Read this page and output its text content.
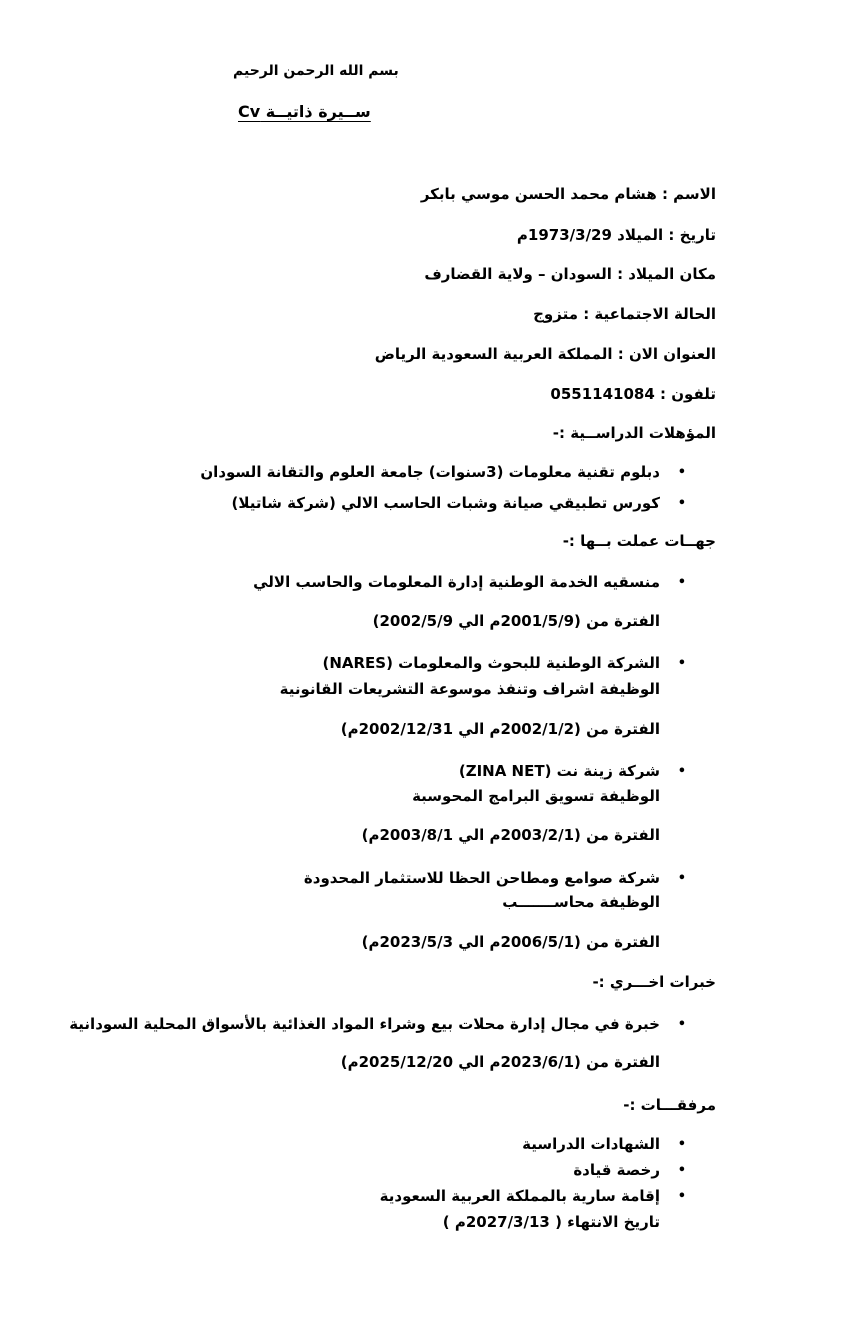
بسم الله الرحمن الرحيم
ســيرة ذاتيــة Cv
الاسم : هشام محمد الحسن موسي بابكر
تاريخ : الميلاد 1973/3/29م
مكان الميلاد : السودان – ولاية القضارف
الحالة الاجتماعية : متزوج
العنوان الان : المملكة العربية السعودية الرياض
تلفون : 0551141084
المؤهلات الدراســية :-
•
دبلوم تقنية معلومات (3سنوات) جامعة العلوم والتقانة السودان
•
كورس تطبيقي صيانة وشبات الحاسب الالي (شركة شاتيلا)
جهــات عملت بــها :-
•
منسقيه الخدمة الوطنية إدارة المعلومات والحاسب الالي
الفترة من (2001/5/9م الي 2002/5/9)
•
الشركة الوطنية للبحوث والمعلومات (NARES)
الوظيفة اشراف وتنفذ موسوعة التشريعات القانونية
الفترة من (2002/1/2م الي 2002/12/31م)
•
شركة زينة نت (ZINA NET)
الوظيفة تسويق البرامج المحوسبة
الفترة من (2003/2/1م الي 2003/8/1م)
•
شركة صوامع ومطاحن الحظا للاستثمار المحدودة
الوظيفة محاســـــــب
الفترة من (2006/5/1م الي 2023/5/3م)
خبرات اخـــري :-
•
خبرة في مجال إدارة محلات بيع وشراء المواد الغذائية بالأسواق المحلية السودانية
الفترة من (2023/6/1م الي 2025/12/20م)
مرفقـــات :-
•
الشهادات الدراسية
•
رخصة قيادة
•
إقامة سارية بالمملكة العربية السعودية
تاريخ الانتهاء ( 2027/3/13م )
